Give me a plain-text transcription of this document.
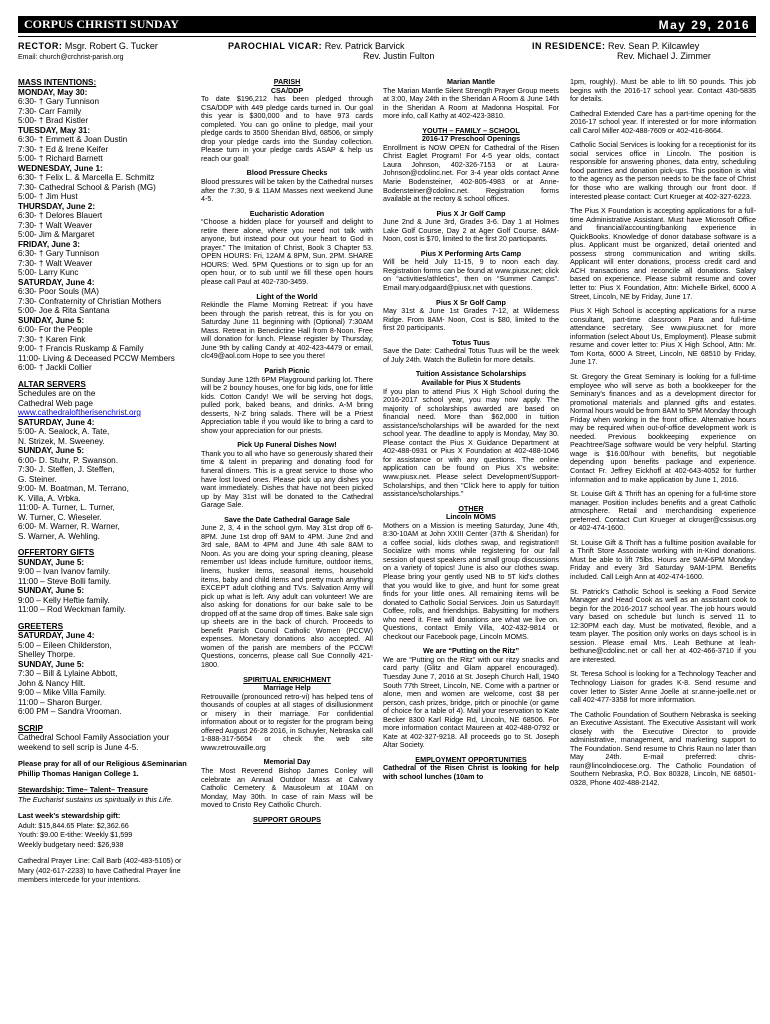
CORPUS CHRISTI SUNDAY	May 29, 2016
RECTOR: Msgr. Robert G. Tucker
Email: church@crchrist-parish.org
PAROCHIAL VICAR: Rev. Patrick Barvick
Rev. Justin Fulton
IN RESIDENCE: Rev. Sean P. Kilcawley
Rev. Michael J. Zimmer
MASS INTENTIONS:
MONDAY, May 30:
6:30- † Gary Tunnison
7:30- Carr Family
5:00- † Brad Kistler
TUESDAY, May 31:
6:30- † Emmett & Joan Dustin
7:30- † Ed & Irene Keifer
5:00- † Richard Barnett
WEDNESDAY, June 1:
6:30- † Felix L. & Marcella E. Schmitz
7:30- Cathedral School & Parish (MG)
5:00- † Jim Hust
THURSDAY, June 2:
6:30- † Delores Blauert
7:30- † Walt Weaver
5:00- Jim & Margaret
FRIDAY, June 3:
6:30- † Gary Tunnison
7:30- † Walt Weaver
5:00- Larry Kunc
SATURDAY, June 4:
6:30- Poor Souls (MA)
7:30- Confraternity of Christian Mothers
5:00- Joe & Rita Santana
SUNDAY, June 5:
6:00- For the People
7:30- † Karen Fink
9:00- † Francis Ruskamp & Family
11:00- Living & Deceased PCCW Members
6:00- † Jackli Collier
ALTAR SERVERS
Schedules are on the
Cathedral Web page
www.cathedraloftherisenchrist.org
SATURDAY, June 4:
5:00- A. Sealock, A. Tate,
N. Strizek, M. Sweeney.
SUNDAY, June 5:
6:00- D. Stuhr, P. Swanson.
7:30- J. Steffen, J. Steffen,
G. Steiner.
9:00- M. Boatman, M. Terrano,
K. Villa, A. Vrbka.
11:00- A. Turner, L. Turner,
W. Turner, C. Wieseler.
6:00- M. Warner, R. Warner,
S. Warner, A. Wehling.
OFFERTORY GIFTS
SUNDAY, June 5:
9:00 – Ivan Ivanov family.
11:00 – Steve Bolli family.
SUNDAY, June 5:
9:00 – Kelly Heftie family.
11:00 – Rod Weckman family.
GREETERS
SATURDAY, June 4:
5:00 – Eileen Childerston,
Shelley Thorpe.
SUNDAY, June 5:
7:30 – Bill & Lylaine Abbott,
John & Nancy Hilt.
9:00 – Mike Villa Family.
11:00 – Sharon Burger.
6:00 PM – Sandra Vrooman.
SCRIP
Cathedral School Family Association your weekend to sell scrip is June 4-5.
Please pray for all of our Religious &Seminarian Phillip Thomas Hanigan College 1.
Stewardship: Time– Talent– Treasure
The Eucharist sustains us spiritually in this Life.
Last week's stewardship gift:
Adult: $15,844.65 Plate: $2,362.66
Youth: $9.00 E-tithe: Weekly $1,599
Weekly budgetary need: $26,938
Cathedral Prayer Line: Call Barb (402-483-5105) or Mary (402-617-2233) to have Cathedral Prayer line members intercede for your intentions.
PARISH
CSA/DDP

To date $196,212 has been pledged through CSA/DDP with 449 pledge cards turned in. Our goal this year is $300,000 and to have 973 cards completed. You can go online to pledge, mail your pledge cards to 3500 Sheridan Blvd, 68506, or simply drop your pledge cards into the Sunday collection. Please turn in your pledge cards ASAP & help us reach our goal!

Blood Pressure Checks

Blood pressures will be taken by the Cathedral nurses after the 7:30, 9 & 11AM Masses next weekend June 4-5.

Eucharistic Adoration

“Choose a hidden place for yourself and delight to retire there alone, where you need not talk with anyone, but instead pour out your heart to God in prayer.” The Imitation of Christ, Book 3 Chapter 53. OPEN HOURS: Fri, 12AM & 8PM, Sun. 2PM. SHARE HOURS: Wed. 5PM Questions or to sign up for an open hour, or to sub until we fill these open hours please call Paul at 402-730-3459.

Light of the World

Rekindle the Flame Morning Retreat: if you have been through the parish retreat, this is for you on Saturday June 11 beginning with (Optional) 7:30AM Mass. Retreat in Benedictine Hall from 8-Noon. Free will donation for lunch. Please register by Thursday, June 9th by calling Candy at 402-423-4479 or email, clc49@aol.com Hope to see you there!

Parish Picnic

Sunday June 12th 6PM Playground parking lot. There will be 2 bouncy houses, one for big kids, one for little kids. Cotton Candy! We will be serving hot dogs, pulled pork, baked beans, and drinks. A-M bring desserts, N-Z bring salads. There will be a Priest Appreciation table if you would like to bring a card to show your appreciation for our priests.

Pick Up Funeral Dishes Now!

Thank you to all who have so generously shared their time & talent in preparing and donating food for funeral dinners. This is a great service to those who have lost loved ones. Please pick up any dishes you want immediately. Dishes that have not been picked up by May 31st will be donated to the Cathedral Garage Sale.

Save the Date Cathedral Garage Sale

June 2, 3, 4 in the school gym. May 31st drop off 6-8PM. June 1st drop off 9AM to 4PM. June 2nd and 3rd sale, 8AM to 4PM and June 4th sale 8AM to Noon. As you are doing your spring cleaning, please remember us! Ideas include furniture, outdoor items, linens, husker items, seasonal items, household items, baby and child items and pretty much anything EXCEPT adult clothing and TVs. Salvation Army will pick up what is left. Any adult can volunteer! We are also asking for donations for our bake sale to be dropped off at the same drop off times. Bake sale sign up sheets are in the back of church. Proceeds to benefit Parish Council Catholic Women (PCCW) expenses. Monetary donations also accepted. All women of the parish are members of the PCCW! Questions, concerns, please call Sue Connolly 421-1800.

SPIRITUAL ENRICHMENT
Marriage Help

Retrouvaille (pronounced retro-vi) has helped tens of thousands of couples at all stages of disillusionment or misery in their marriage. For confidential information about or to register for the program being offered August 26-28 2016, in Schuyler, Nebraska call 1-888-317-5654 or check the web site www.retrouvaille.org

Memorial Day

The Most Reverend Bishop James Conley will celebrate an Annual Outdoor Mass at Calvary Catholic Cemetery & Mausoleum at 10AM on Monday, May 30th. In case of rain Mass will be moved to Cristo Rey Catholic Church.

SUPPORT GROUPS
Marian Mantle

The Marian Mantle Silent Strength Prayer Group meets at 3:00, May 24th in the Sheridan A Room & June 14th in the Sheridan A Room at Madonna Hospital. For more info, call Kathy at 402-423-3810.

YOUTH – FAMILY – SCHOOL
2016-17 Preschool Openings

Enrollment is NOW OPEN for Cathedral of the Risen Christ Eaglet Program! For 4-5 year olds, contact Laura Johnson, 402-326-7153 or at Laura-Johnson@cdolinc.net. For 3-4 year olds contact Anne Marie Bodensteiner, 402-805-4983 or at Anne-Bodensteiner@cdolinc.net. Registration forms available at the rectory & school offices.

Pius X Jr Golf Camp

June 2nd & June 3rd, Grades 3-6. Day 1 at Holmes Lake Golf Course, Day 2 at Ager Golf Course. 8AM- Noon, cost is $70, limited to the first 20 participants.

Pius X Performing Arts Camp

Will be held July 11-15, 9 to noon each day. Registration forms can be found at www.piusx.net; click on “activities/athletics”, then on “Summer Camps”. Email mary.odgaard@piusx.net with questions.

Pius X Sr Golf Camp

May 31st & June 1st Grades 7-12, at Wilderness Ridge. From 8AM- Noon, Cost is $80, limited to the first 20 participants.

Totus Tuus

Save the Date: Cathedral Totus Tuus will be the week of July 24th. Watch the Bulletin for more details.

Tuition Assistance Scholarships
Available for Pius X Students

If you plan to attend Pius X High School during the 2016-2017 school year, you may now apply. The majority of scholarships awarded are based on financial need. More than $62,000 in tuition assistance/scholarships will be awarded for the next school year. The deadline to apply is Monday, May 30. Please contact the Pius X Guidance Department at 402-488-0931 or Pius X Foundation at 402-488-1046 for assistance or with any questions. The online application can be found on Pius X's website: www.piusx.net. Please select Development/Support- Scholarships, and then "Click here to apply for tuition assistance/scholarships."

OTHER
Lincoln MOMS

Mothers on a Mission is meeting Saturday, June 4th, 8:30-10AM at John XXIII Center (37th & Sheridan) for a coffee social, kids clothes swap, and registration!! Socialize with moms while registering for our fall session of quest speakers and small group discussions on a variety of topics! June is also our clothes swap. Please bring your gently used NB to 5T kid's clothes that you would like to give, and hunt for some great finds for your little ones. All remaining items will be donated to Catholic Social Services. Join us Saturday!! Coffee, rolls, and friendships. Babysitting for mothers who need it. Free will donations are what we live on. Questions, contact Emily Villa, 402-432-9814 or checkout our Facebook page, Lincoln MOMS.

We are “Putting on the Ritz”

We are “Putting on the Ritz” with our ritzy snacks and card party (Glitz and Glam apparel encouraged). Tuesday June 7, 2016 at St. Joseph Church Hall, 1940 South 77th Street, Lincoln, NE. Come with a partner or alone, men and women are welcome, cost $8 per person, cash prizes, bridge, pitch or pinochle (or game of choice for a table of 4). Mail your reservation to Kate Becker 8300 Karl Ridge Rd, Lincoln, NE 68506. For more information contact Maureen at 402-488-0792 or Kate at 402-327-9218. All proceeds go to St. Joseph Altar Society.

EMPLOYMENT OPPORTUNITIES

Cathedral of the Risen Christ is looking for help with school lunches (10am to

1pm, roughly). Must be able to lift 50 pounds. This job begins with the 2016-17 school year. Contact 430-5835 for details.

Cathedral Extended Care has a part-time opening for the 2016-17 school year. If interested or for more information call Carol Miller 402-488-7609 or 402-416-8664.

Catholic Social Services is looking for a receptionist for its social services office in Lincoln. The position is responsible for answering phones, data entry, scheduling food pantries and donation pick-ups. This position is vital to the agency as the person needs to be the face of Christ for those who are walking through our front door. If interested please contact: Curt Krueger at 402-327-6223.

The Pius X Foundation is accepting applications for a full-time Administrative Assistant. Must have Microsoft Office and financial/accounting/banking experience in QuickBooks. Knowledge of donor database software is a plus. Applicant must be organized, detail oriented and possess strong communication and writing skills. Applicant will enter donations, process credit card and ACH transactions and reconcile all donations. Salary based on experience. Please submit resume and cover letter to: Pius X Foundation, Attn: Michelle Birkel, 6000 A Street, Lincoln, NE by Friday, June 17.

Pius X High School is accepting applications for a nurse consultant, part-time classroom Para and full-time attendance secretary. See www.piusx.net for more information (select About Us, Employment). Please submit resume and cover letter to: Pius X High School, Attn: Mr. Tom Korta, 6000 A Street, Lincoln, NE 68510 by Friday, June 17.

St. Gregory the Great Seminary is looking for a full-time employee who will serve as both a bookkeeper for the Seminary's finances and as a development director for promotional materials and planned gifts and estates. Normal hours would be from 8AM to 5PM Monday through Friday when working in the front office. Alternative hours may be required when out-of-office development work is needed. Previous bookkeeping experience on Peachtree/Sage software would be very helpful. Starting wage is $16.00/hour with benefits, but negotiable depending upon benefits package and experience. Contact Fr. Jeffrey Eickhoff at 402-643-4052 for further information and to make application by June 1, 2016.

St. Louise Gift & Thrift has an opening for a full-time store manager. Position includes benefits and a great Catholic atmosphere. Retail and merchandising experience preferred. Contact Curt Krueger at ckruger@cssisus.org or 402-474-1600.

St. Louise Gift & Thrift has a fulltime position available for a Thrift Store Associate working with in-Kind donations. Must be able to lift 75lbs. Hours are 9AM-6PM Monday-Friday and every 3rd Saturday 9AM-1PM. Benefits included. Call Leigh Ann at 402-474-1600.

St. Patrick's Catholic School is seeking a Food Service Manager and Head Cook as well as an assistant cook to begin for the 2016-2017 school year. The job hours would vary based on schedule but lunch is served 11 to 12:30PM each day. Must be motivated, flexible, and a team player. The position only works on days school is in session. Please email Mrs. Leah Bethune at leah-bethune@cdolinc.net or call her at 402-466-3710 if you are interested.

St. Teresa School is looking for a Technology Teacher and Technology Liaison for grades K-8. Send resume and cover letter to Sister Anne Joelle at sr.anne-joelle.net or call 402-477-3358 for more information.

The Catholic Foundation of Southern Nebraska is seeking an Executive Assistant. The Executive Assistant will work closely with the Executive Director to provide administrative, management, and marketing support to The Foundation. Send resume to Chris Raun no later than May 24th. E-mail preferred: chris-raun@lincolndiocese.org. The Catholic Foundation of Southern Nebraska, P.O. Box 80328, Lincoln, NE 68501-0328, Phone 402-488-2142.
